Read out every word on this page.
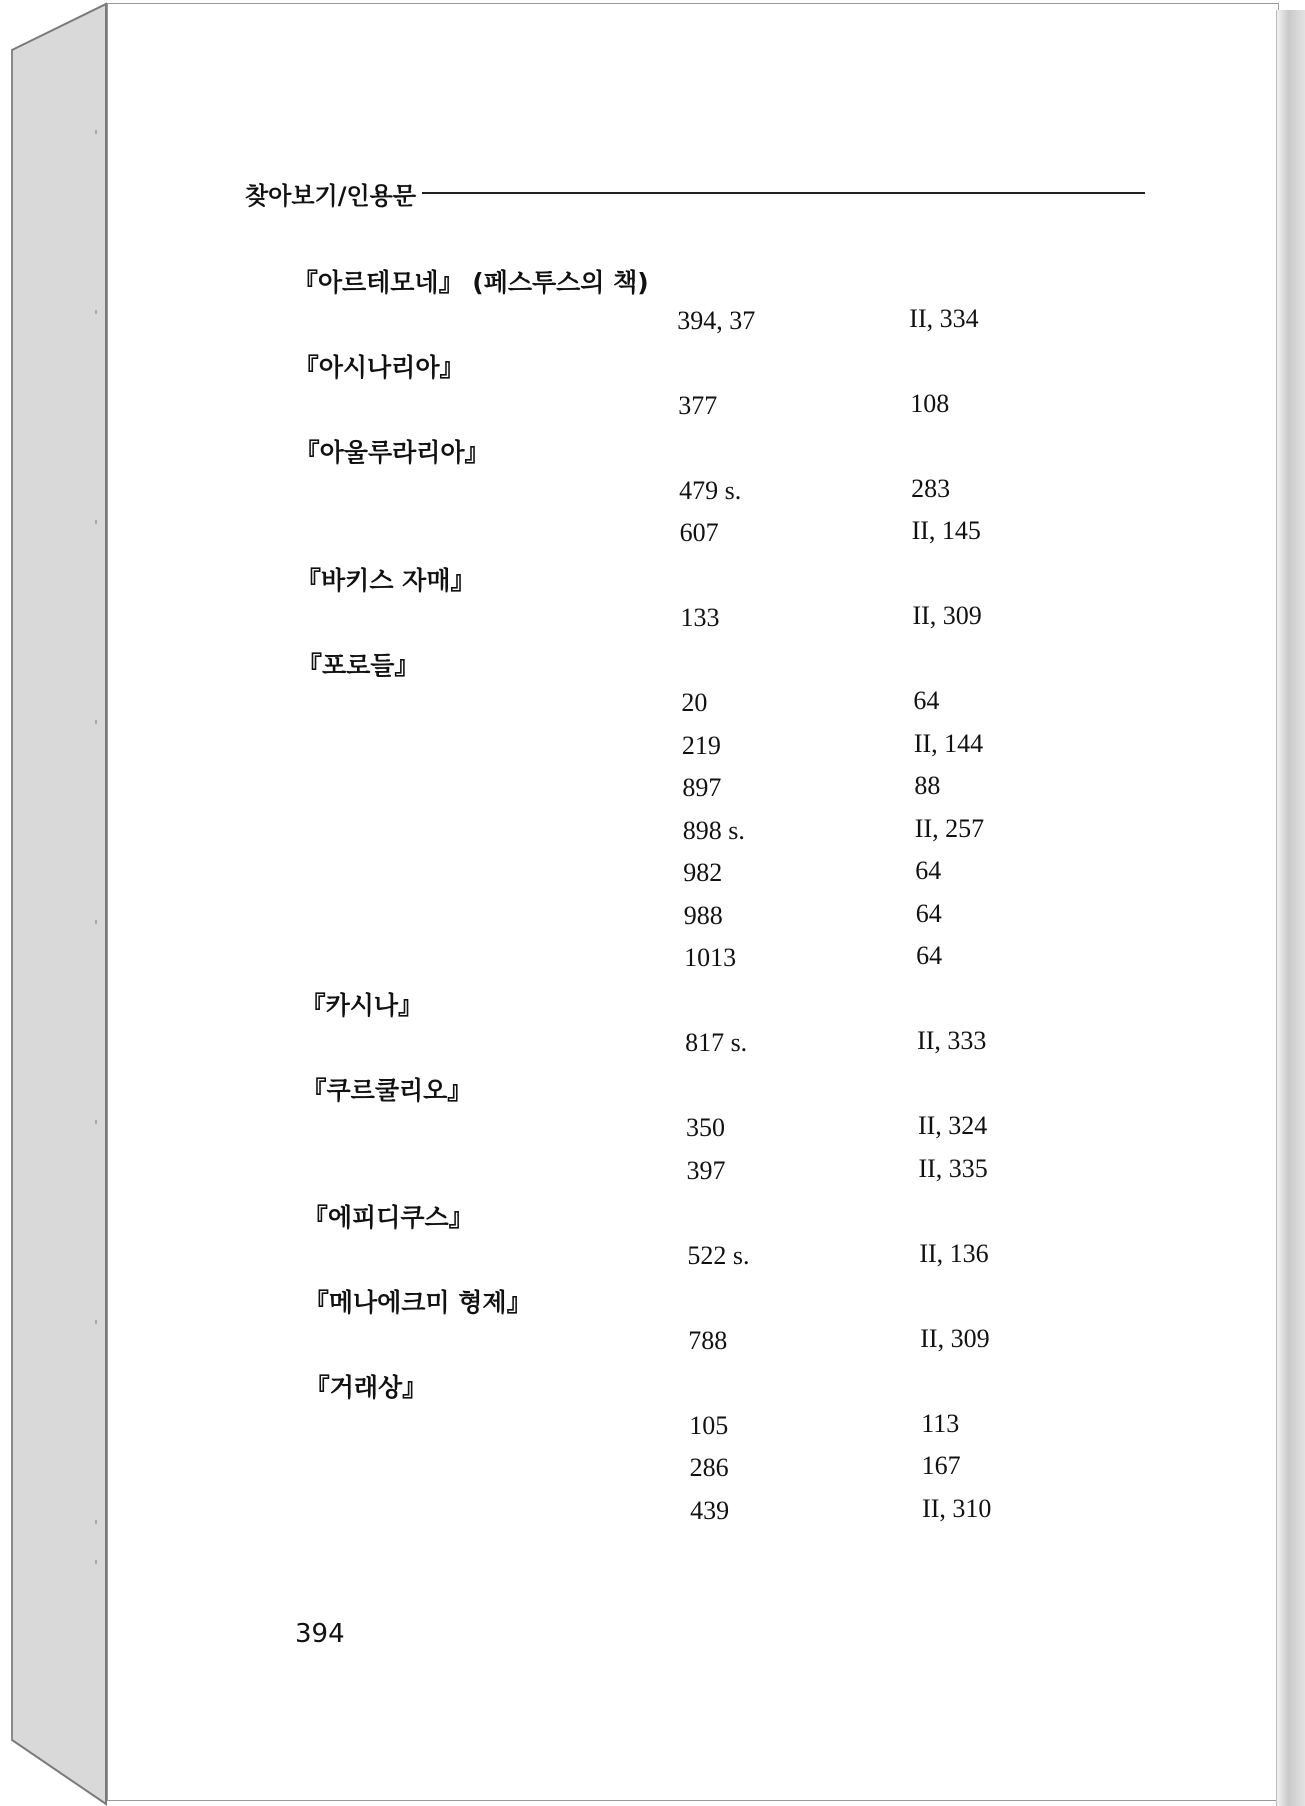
찾아보기/인용문
『아르테모네』 (페스투스의 책)
394, 37	II, 334
『아시나리아』
377	108
『아울루라리아』
479 s.	283
607	II, 145
『바키스 자매』
133	II, 309
『포로들』
20	64
219	II, 144
897	88
898 s.	II, 257
982	64
988	64
1013	64
『카시나』
817 s.	II, 333
『쿠르쿨리오』
350	II, 324
397	II, 335
『에피디쿠스』
522 s.	II, 136
『메나에크미 형제』
788	II, 309
『거래상』
105	113
286	167
439	II, 310
394
